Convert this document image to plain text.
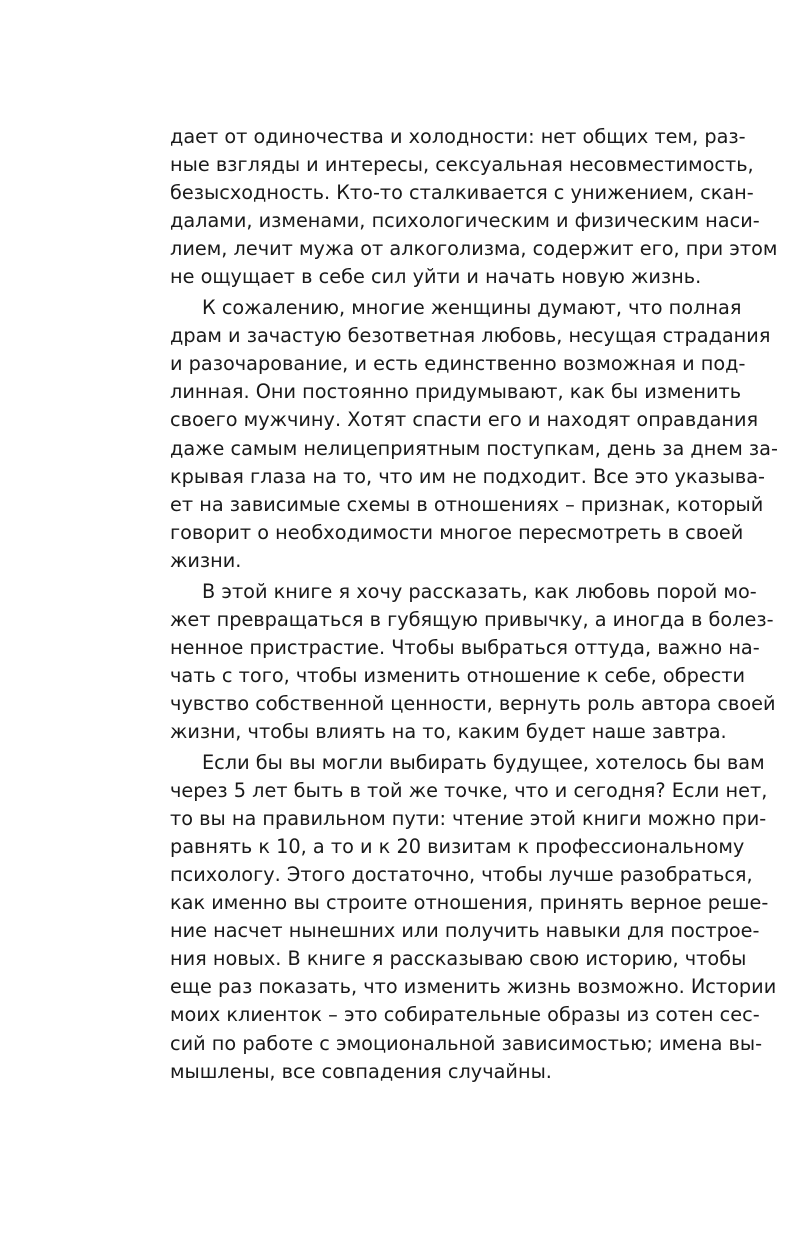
дает от одиночества и холодности: нет общих тем, раз-
ные взгляды и интересы, сексуальная несовместимость,
безысходность. Кто-то сталкивается с унижением, скан-
далами, изменами, психологическим и физическим наси-
лием, лечит мужа от алкоголизма, содержит его, при этом
не ощущает в себе сил уйти и начать новую жизнь.
К сожалению, многие женщины думают, что полная
драм и зачастую безответная любовь, несущая страдания
и разочарование, и есть единственно возможная и под-
линная. Они постоянно придумывают, как бы изменить
своего мужчину. Хотят спасти его и находят оправдания
даже самым нелицеприятным поступкам, день за днем за-
крывая глаза на то, что им не подходит. Все это указыва-
ет на зависимые схемы в отношениях – признак, который
говорит о необходимости многое пересмотреть в своей
жизни.
В этой книге я хочу рассказать, как любовь порой мо-
жет превращаться в губящую привычку, а иногда в болез-
ненное пристрастие. Чтобы выбраться оттуда, важно на-
чать с того, чтобы изменить отношение к себе, обрести
чувство собственной ценности, вернуть роль автора своей
жизни, чтобы влиять на то, каким будет наше завтра.
Если бы вы могли выбирать будущее, хотелось бы вам
через 5 лет быть в той же точке, что и сегодня? Если нет,
то вы на правильном пути: чтение этой книги можно при-
равнять к 10, а то и к 20 визитам к профессиональному
психологу. Этого достаточно, чтобы лучше разобраться,
как именно вы строите отношения, принять верное реше-
ние насчет нынешних или получить навыки для построе-
ния новых. В книге я рассказываю свою историю, чтобы
еще раз показать, что изменить жизнь возможно. Истории
моих клиенток – это собирательные образы из сотен сес-
сий по работе с эмоциональной зависимостью; имена вы-
мышлены, все совпадения случайны.
